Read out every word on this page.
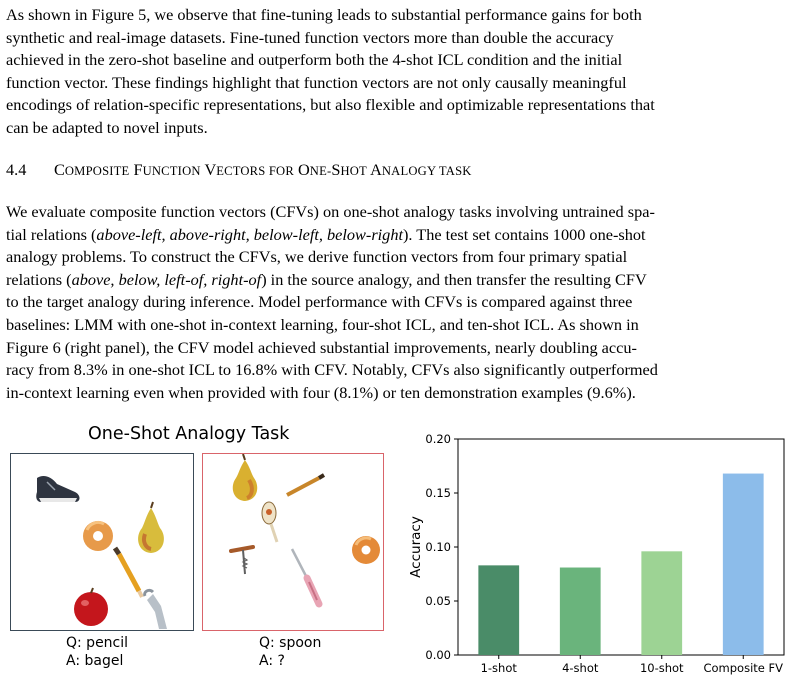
As shown in Figure 5, we observe that fine-tuning leads to substantial performance gains for both
synthetic and real-image datasets. Fine-tuned function vectors more than double the accuracy
achieved in the zero-shot baseline and outperform both the 4-shot ICL condition and the initial
function vector. These findings highlight that function vectors are not only causally meaningful
encodings of relation-specific representations, but also flexible and optimizable representations that
can be adapted to novel inputs.
4.4 COMPOSITE FUNCTION VECTORS FOR ONE-SHOT ANALOGY TASK
We evaluate composite function vectors (CFVs) on one-shot analogy tasks involving untrained spa-
tial relations (above-left, above-right, below-left, below-right). The test set contains 1000 one-shot
analogy problems. To construct the CFVs, we derive function vectors from four primary spatial
relations (above, below, left-of, right-of) in the source analogy, and then transfer the resulting CFV
to the target analogy during inference. Model performance with CFVs is compared against three
baselines: LMM with one-shot in-context learning, four-shot ICL, and ten-shot ICL. As shown in
Figure 6 (right panel), the CFV model achieved substantial improvements, nearly doubling accu-
racy from 8.3% in one-shot ICL to 16.8% with CFV. Notably, CFVs also significantly outperformed
in-context learning even when provided with four (8.1%) or ten demonstration examples (9.6%).
One-Shot Analogy Task
Q: pencil
A: bagel
Q: spoon
A: ?	0.00
0.05
0.10
0.15
0.20
1-shot	4-shot	10-shot Composite FV
Accuracy
